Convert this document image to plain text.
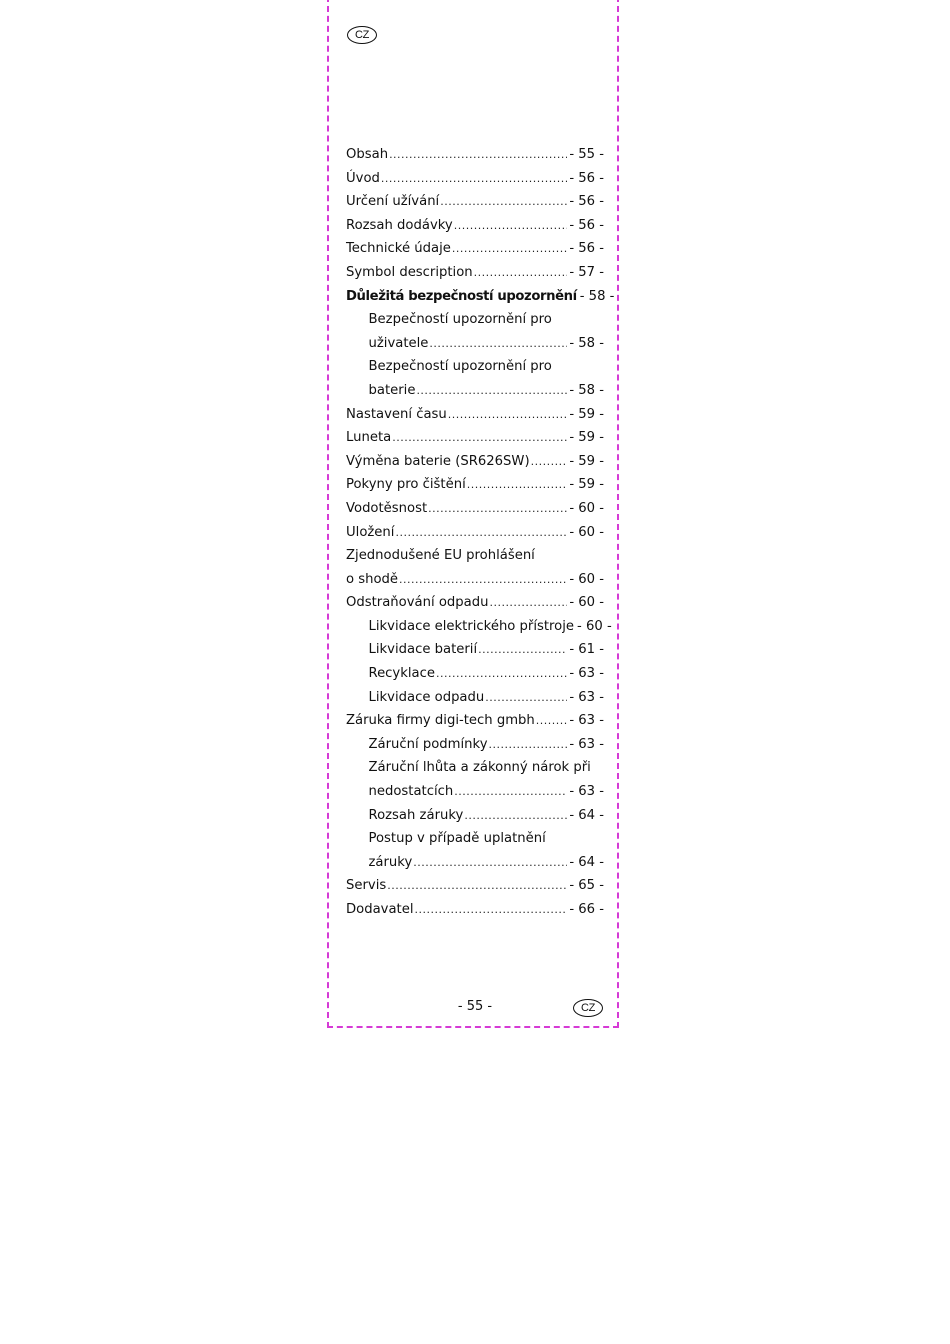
CZ
Obsah .....	- 55 -
Úvod .....	- 56 -
Určení užívání .....	- 56 -
Rozsah dodávky .....	- 56 -
Technické údaje .....	- 56 -
Symbol description .....	- 57 -
Důležitá bezpečností upozornění - 58 -
Bezpečností upozornění pro
uživatele .....	- 58 -
Bezpečností upozornění pro
baterie .....	- 58 -
Nastavení času .....	- 59 -
Luneta .....	- 59 -
Výměna baterie (SR626SW) .....	- 59 -
Pokyny pro čištění .....	- 59 -
Vodotěsnost .....	- 60 -
Uložení .....	- 60 -
Zjednodušené EU prohlášení
o shodě .....	- 60 -
Odstraňování odpadu .....	- 60 -
Likvidace elektrického přístroje - 60 -
Likvidace baterií .....	- 61 -
Recyklace .....	- 63 -
Likvidace odpadu .....	- 63 -
Záruka firmy digi-tech gmbh .....	- 63 -
Záruční podmínky .....	- 63 -
Záruční lhůta a zákonný nárok při
nedostatcích .....	- 63 -
Rozsah záruky .....	- 64 -
Postup v případě uplatnění
záruky .....	- 64 -
Servis .....	- 65 -
Dodavatel .....	- 66 -
- 55 -	CZ
